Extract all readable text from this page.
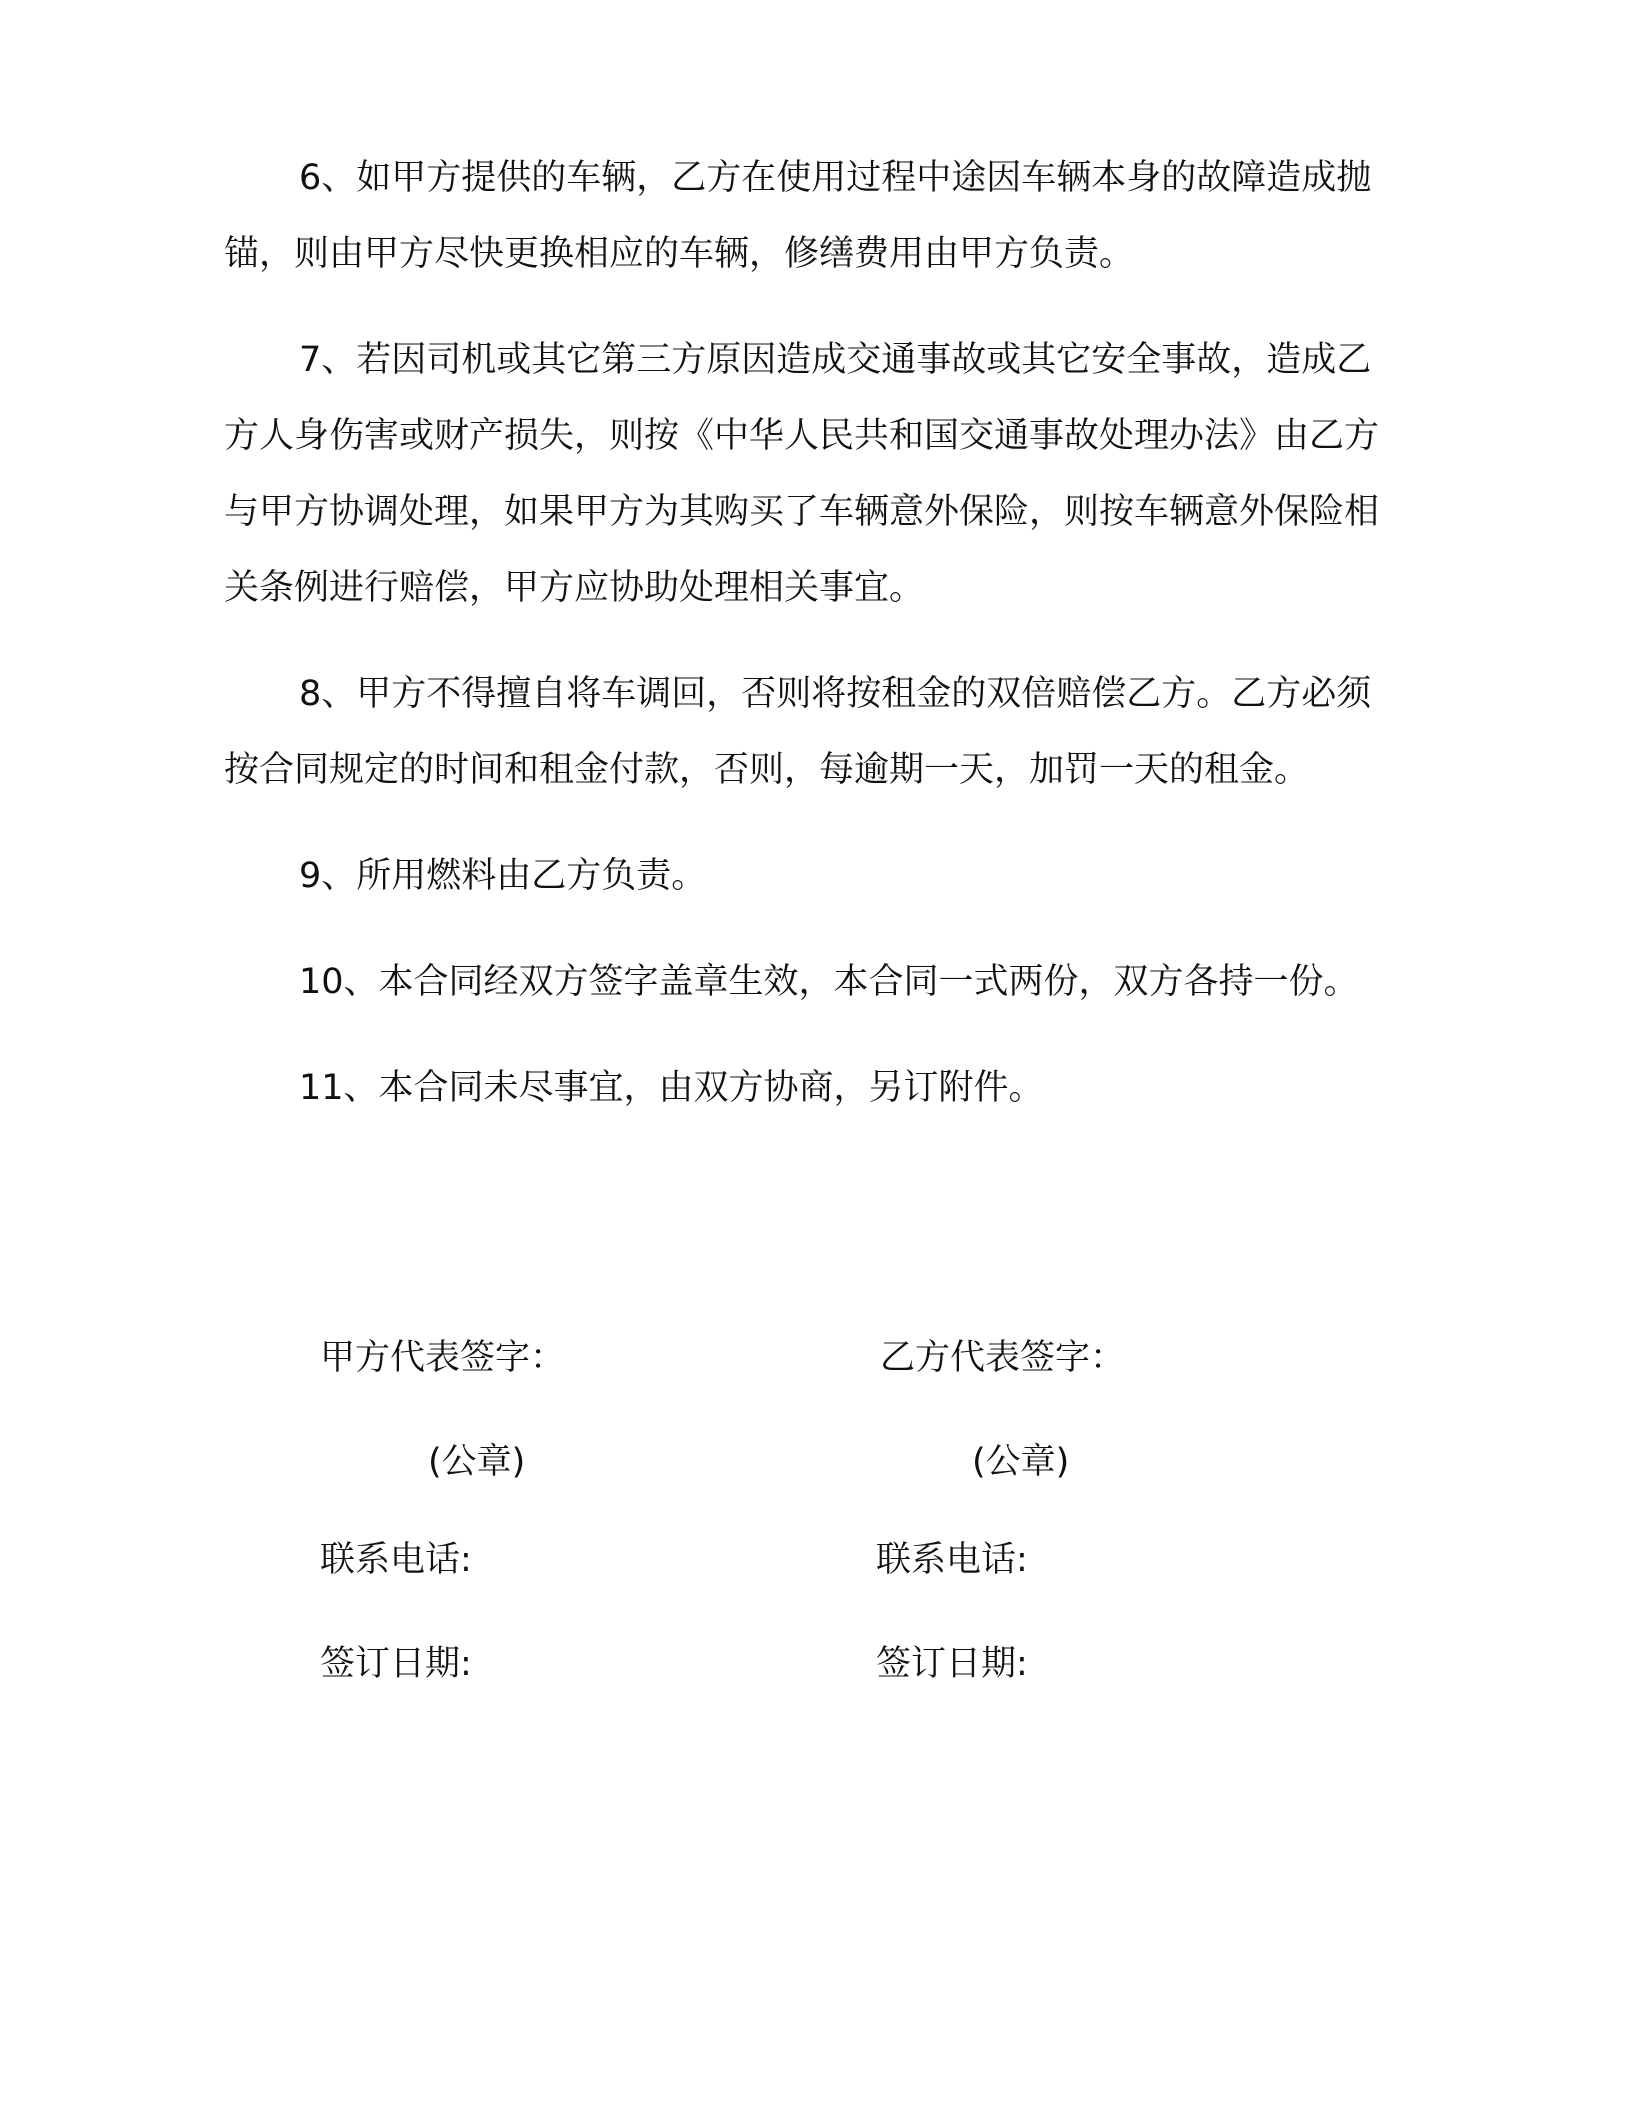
6、如甲方提供的车辆，乙方在使用过程中途因车辆本身的故障造成抛锚，则由甲方尽快更换相应的车辆，修缮费用由甲方负责。

7、若因司机或其它第三方原因造成交通事故或其它安全事故，造成乙方人身伤害或财产损失，则按《中华人民共和国交通事故处理办法》由乙方与甲方协调处理，如果甲方为其购买了车辆意外保险，则按车辆意外保险相关条例进行赔偿，甲方应协助处理相关事宜。

8、甲方不得擅自将车调回，否则将按租金的双倍赔偿乙方。乙方必须按合同规定的时间和租金付款，否则，每逾期一天，加罚一天的租金。

9、所用燃料由乙方负责。

10、本合同经双方签字盖章生效，本合同一式两份，双方各持一份。

11、本合同未尽事宜，由双方协商，另订附件。

甲方代表签字：

(公章)

联系电话:

签订日期:

乙方代表签字：

(公章)

联系电话:

签订日期:
